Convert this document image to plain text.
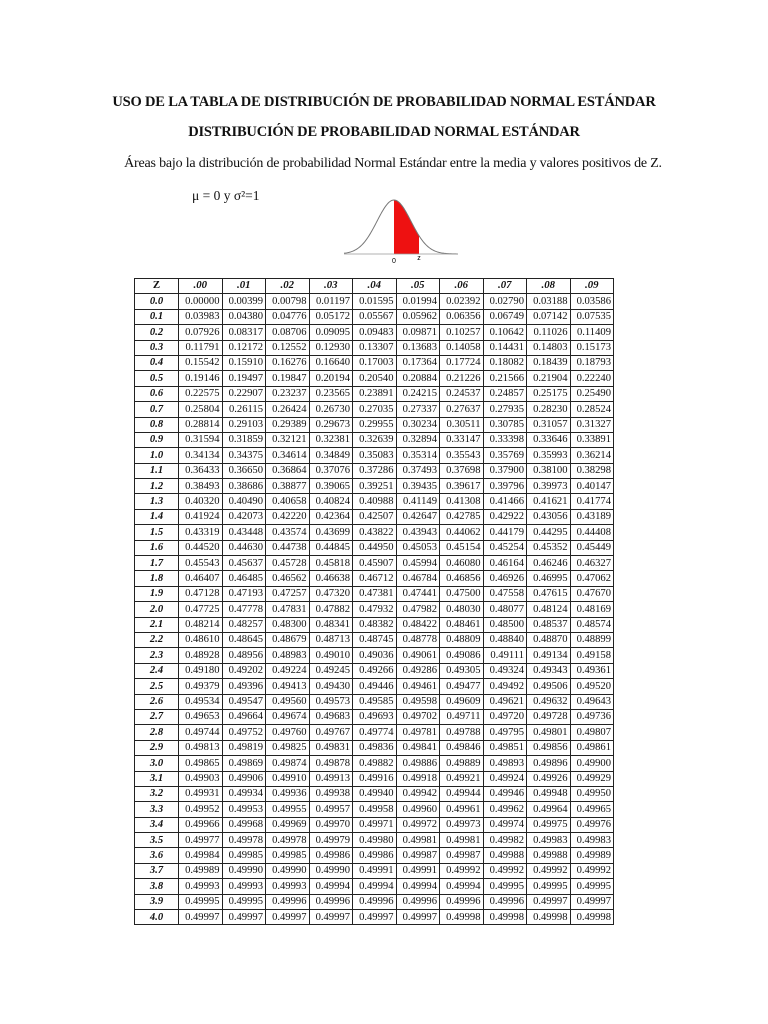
USO DE LA TABLA DE DISTRIBUCIÓN DE PROBABILIDAD NORMAL ESTÁNDAR
DISTRIBUCIÓN DE PROBABILIDAD NORMAL ESTÁNDAR
Áreas bajo la distribución de probabilidad Normal Estándar entre la media y valores positivos de Z.
μ = 0 y σ²=1
0	z
Z	.00	.01	.02	.03	.04	.05	.06	.07	.08	.09
0.0	0.00000	0.00399	0.00798	0.01197	0.01595	0.01994	0.02392	0.02790	0.03188	0.03586
0.1	0.03983	0.04380	0.04776	0.05172	0.05567	0.05962	0.06356	0.06749	0.07142	0.07535
0.2	0.07926	0.08317	0.08706	0.09095	0.09483	0.09871	0.10257	0.10642	0.11026	0.11409
0.3	0.11791	0.12172	0.12552	0.12930	0.13307	0.13683	0.14058	0.14431	0.14803	0.15173
0.4	0.15542	0.15910	0.16276	0.16640	0.17003	0.17364	0.17724	0.18082	0.18439	0.18793
0.5	0.19146	0.19497	0.19847	0.20194	0.20540	0.20884	0.21226	0.21566	0.21904	0.22240
0.6	0.22575	0.22907	0.23237	0.23565	0.23891	0.24215	0.24537	0.24857	0.25175	0.25490
0.7	0.25804	0.26115	0.26424	0.26730	0.27035	0.27337	0.27637	0.27935	0.28230	0.28524
0.8	0.28814	0.29103	0.29389	0.29673	0.29955	0.30234	0.30511	0.30785	0.31057	0.31327
0.9	0.31594	0.31859	0.32121	0.32381	0.32639	0.32894	0.33147	0.33398	0.33646	0.33891
1.0	0.34134	0.34375	0.34614	0.34849	0.35083	0.35314	0.35543	0.35769	0.35993	0.36214
1.1	0.36433	0.36650	0.36864	0.37076	0.37286	0.37493	0.37698	0.37900	0.38100	0.38298
1.2	0.38493	0.38686	0.38877	0.39065	0.39251	0.39435	0.39617	0.39796	0.39973	0.40147
1.3	0.40320	0.40490	0.40658	0.40824	0.40988	0.41149	0.41308	0.41466	0.41621	0.41774
1.4	0.41924	0.42073	0.42220	0.42364	0.42507	0.42647	0.42785	0.42922	0.43056	0.43189
1.5	0.43319	0.43448	0.43574	0.43699	0.43822	0.43943	0.44062	0.44179	0.44295	0.44408
1.6	0.44520	0.44630	0.44738	0.44845	0.44950	0.45053	0.45154	0.45254	0.45352	0.45449
1.7	0.45543	0.45637	0.45728	0.45818	0.45907	0.45994	0.46080	0.46164	0.46246	0.46327
1.8	0.46407	0.46485	0.46562	0.46638	0.46712	0.46784	0.46856	0.46926	0.46995	0.47062
1.9	0.47128	0.47193	0.47257	0.47320	0.47381	0.47441	0.47500	0.47558	0.47615	0.47670
2.0	0.47725	0.47778	0.47831	0.47882	0.47932	0.47982	0.48030	0.48077	0.48124	0.48169
2.1	0.48214	0.48257	0.48300	0.48341	0.48382	0.48422	0.48461	0.48500	0.48537	0.48574
2.2	0.48610	0.48645	0.48679	0.48713	0.48745	0.48778	0.48809	0.48840	0.48870	0.48899
2.3	0.48928	0.48956	0.48983	0.49010	0.49036	0.49061	0.49086	0.49111	0.49134	0.49158
2.4	0.49180	0.49202	0.49224	0.49245	0.49266	0.49286	0.49305	0.49324	0.49343	0.49361
2.5	0.49379	0.49396	0.49413	0.49430	0.49446	0.49461	0.49477	0.49492	0.49506	0.49520
2.6	0.49534	0.49547	0.49560	0.49573	0.49585	0.49598	0.49609	0.49621	0.49632	0.49643
2.7	0.49653	0.49664	0.49674	0.49683	0.49693	0.49702	0.49711	0.49720	0.49728	0.49736
2.8	0.49744	0.49752	0.49760	0.49767	0.49774	0.49781	0.49788	0.49795	0.49801	0.49807
2.9	0.49813	0.49819	0.49825	0.49831	0.49836	0.49841	0.49846	0.49851	0.49856	0.49861
3.0	0.49865	0.49869	0.49874	0.49878	0.49882	0.49886	0.49889	0.49893	0.49896	0.49900
3.1	0.49903	0.49906	0.49910	0.49913	0.49916	0.49918	0.49921	0.49924	0.49926	0.49929
3.2	0.49931	0.49934	0.49936	0.49938	0.49940	0.49942	0.49944	0.49946	0.49948	0.49950
3.3	0.49952	0.49953	0.49955	0.49957	0.49958	0.49960	0.49961	0.49962	0.49964	0.49965
3.4	0.49966	0.49968	0.49969	0.49970	0.49971	0.49972	0.49973	0.49974	0.49975	0.49976
3.5	0.49977	0.49978	0.49978	0.49979	0.49980	0.49981	0.49981	0.49982	0.49983	0.49983
3.6	0.49984	0.49985	0.49985	0.49986	0.49986	0.49987	0.49987	0.49988	0.49988	0.49989
3.7	0.49989	0.49990	0.49990	0.49990	0.49991	0.49991	0.49992	0.49992	0.49992	0.49992
3.8	0.49993	0.49993	0.49993	0.49994	0.49994	0.49994	0.49994	0.49995	0.49995	0.49995
3.9	0.49995	0.49995	0.49996	0.49996	0.49996	0.49996	0.49996	0.49996	0.49997	0.49997
4.0	0.49997	0.49997	0.49997	0.49997	0.49997	0.49997	0.49998	0.49998	0.49998	0.49998
